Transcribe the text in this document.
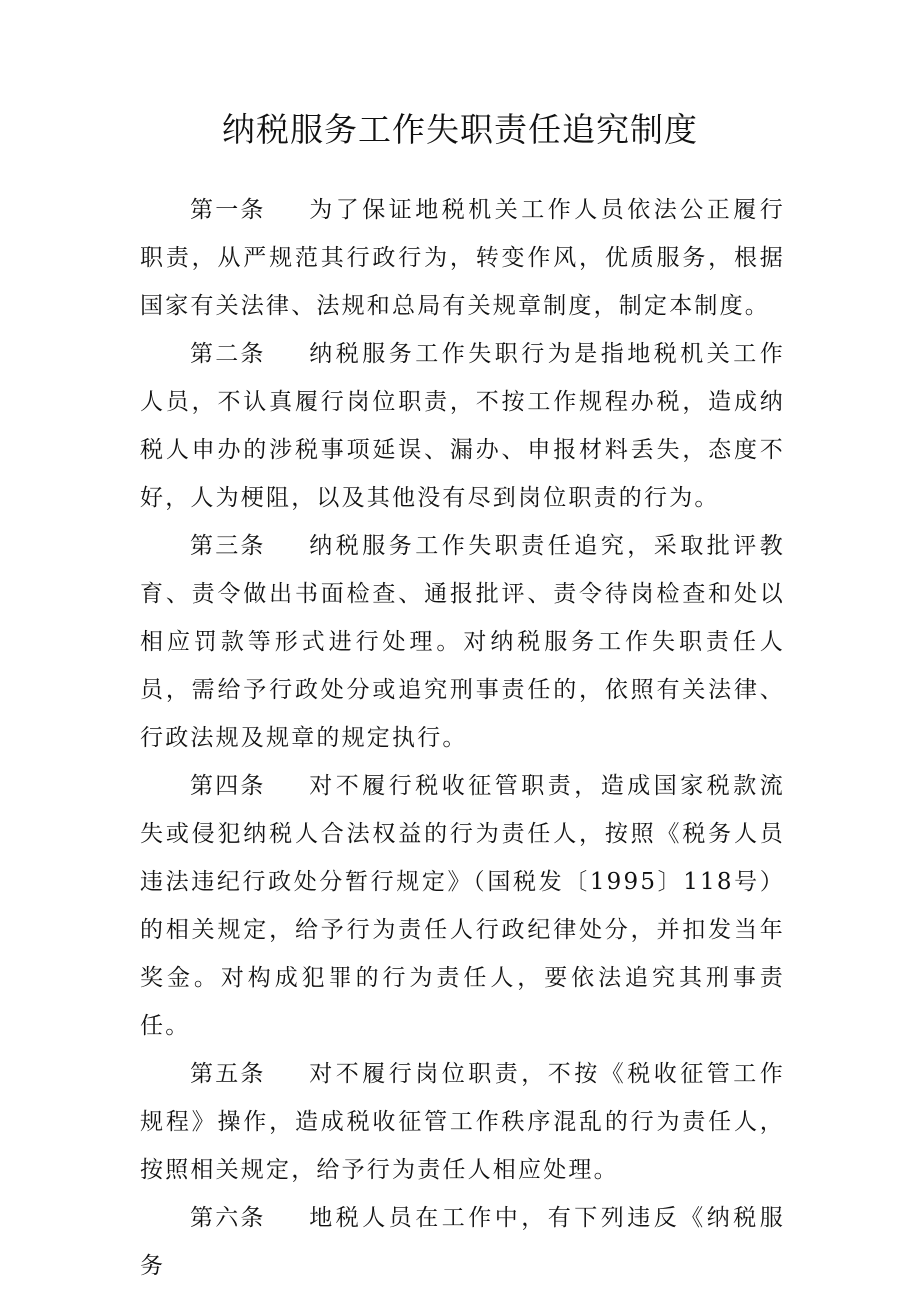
纳税服务工作失职责任追究制度

第一条 为了保证地税机关工作人员依法公正履行职责，从严规范其行政行为，转变作风，优质服务，根据国家有关法律、法规和总局有关规章制度，制定本制度。

第二条 纳税服务工作失职行为是指地税机关工作人员，不认真履行岗位职责，不按工作规程办税，造成纳税人申办的涉税事项延误、漏办、申报材料丢失，态度不好，人为梗阻，以及其他没有尽到岗位职责的行为。

第三条 纳税服务工作失职责任追究，采取批评教育、责令做出书面检查、通报批评、责令待岗检查和处以相应罚款等形式进行处理。对纳税服务工作失职责任人员，需给予行政处分或追究刑事责任的，依照有关法律、行政法规及规章的规定执行。

第四条 对不履行税收征管职责，造成国家税款流失或侵犯纳税人合法权益的行为责任人，按照《税务人员违法违纪行政处分暂行规定》（国税发〔1995〕118号）的相关规定，给予行为责任人行政纪律处分，并扣发当年奖金。对构成犯罪的行为责任人，要依法追究其刑事责任。

第五条 对不履行岗位职责，不按《税收征管工作规程》操作，造成税收征管工作秩序混乱的行为责任人，按照相关规定，给予行为责任人相应处理。

第六条 地税人员在工作中，有下列违反《纳税服务
